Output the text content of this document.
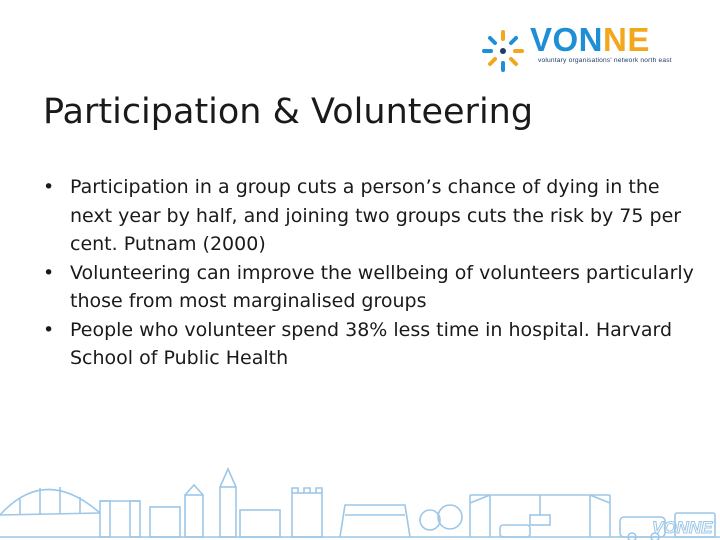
VONNE
voluntary organisations' network north east
Participation & Volunteering
• Participation in a group cuts a person’s chance of dying in the next year by half, and joining two groups cuts the risk by 75 per cent. Putnam (2000)
• Volunteering can improve the wellbeing of volunteers particularly those from most marginalised groups
• People who volunteer spend 38% less time in hospital. Harvard School of Public Health
VONNE
